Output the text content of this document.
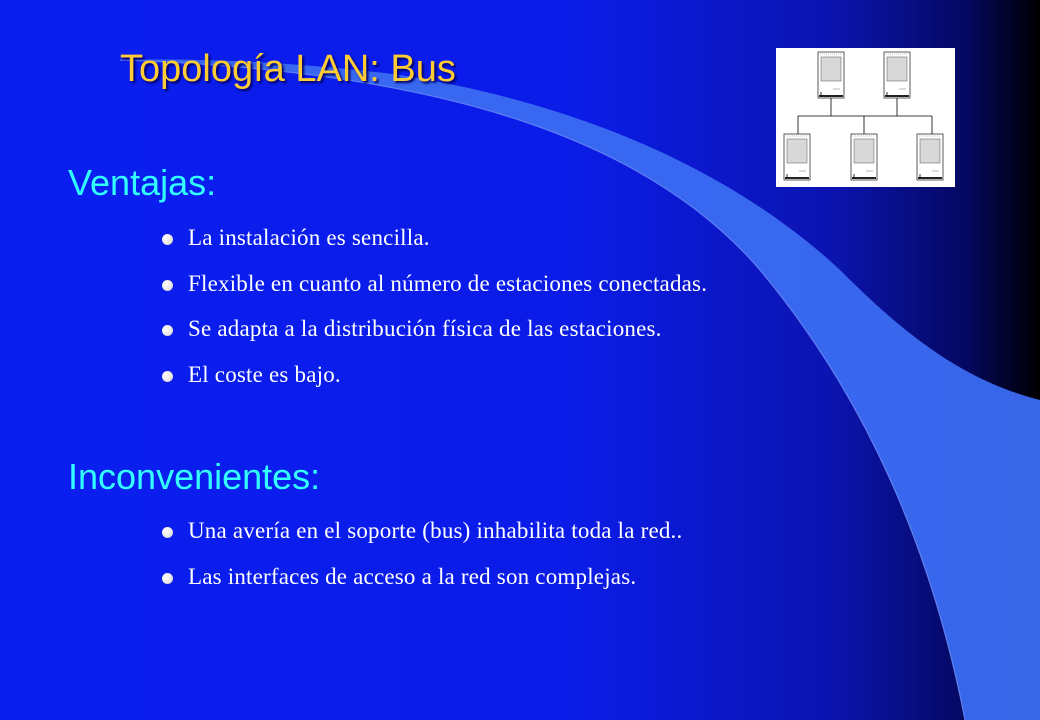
Topología LAN: Bus
Ventajas:
La instalación es sencilla.
Flexible en cuanto al número de estaciones conectadas.
Se adapta a la distribución física de las estaciones.
El coste es bajo.
Inconvenientes:
Una avería en el soporte (bus) inhabilita toda la red..
Las interfaces de acceso a la red son complejas.
